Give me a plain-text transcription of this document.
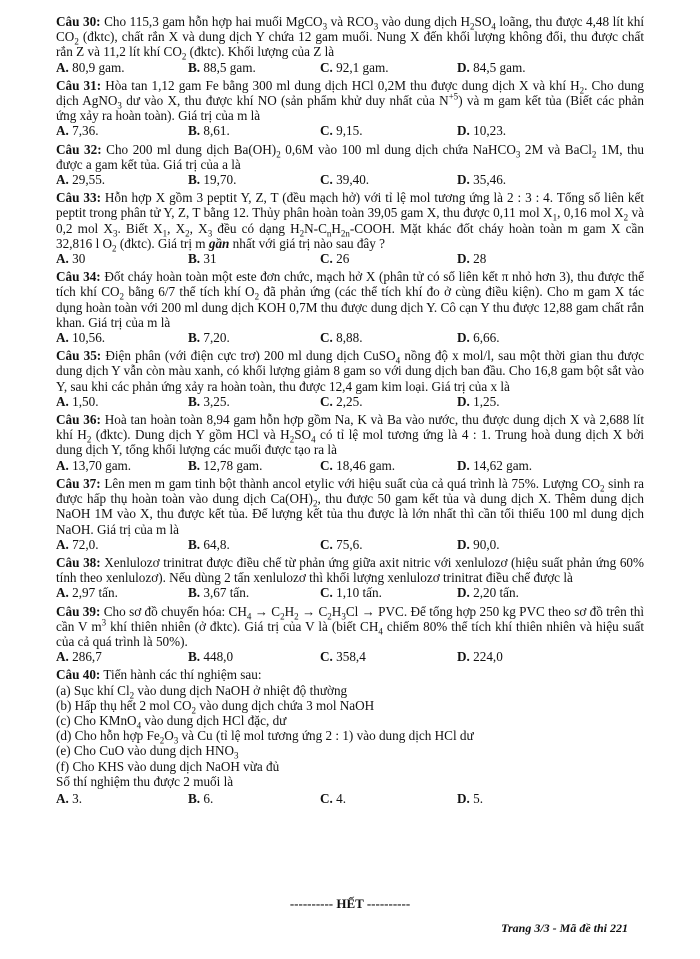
Câu 30: Cho 115,3 gam hỗn hợp hai muối MgCO$_3$ và $RCO_3$ vào dung dịch $H_2SO_4$ loãng, thu được 4,48 lít khí $CO_2$ (đktc), chất rắn X và dung dịch Y chứa 12 gam muối. Nung X đến khối lượng không đổi, thu được chất rắn Z và 11,2 lít khí $CO_2$ (đktc). Khối lượng của Z là
A. 80,9 gam.	B. 88,5 gam.	C. 92,1 gam.	D. 84,5 gam.
Câu 31: Hòa tan 1,12 gam Fe bằng 300 ml dung dịch HCl 0,2M thu được dung dịch X và khí $H_2$. Cho dung dịch AgNO$_3$ dư vào X, thu được khí NO (sản phẩm khử duy nhất của $N^{+5}$) và m gam kết tủa (Biết các phản ứng xảy ra hoàn toàn). Giá trị của m là
A. 7,36.	B. 8,61.	C. 9,15.	D. 10,23.
Câu 32: Cho 200 ml dung dịch $Ba(OH)_2$ 0,6M vào 100 ml dung dịch chứa NaHCO$_3$ 2M và BaCl$_2$ 1M, thu được a gam kết tủa. Giá trị của a là
A. 29,55.	B. 19,70.	C. 39,40.	D. 35,46.
Câu 33: Hỗn hợp X gồm 3 peptit Y, Z, T (đều mạch hở) với tỉ lệ mol tương ứng là 2 : 3 : 4. Tổng số liên kết peptit trong phân tử Y, Z, T bằng 12. Thủy phân hoàn toàn 39,05 gam X, thu được 0,11 mol $X_1$, 0,16 mol $X_2$ và 0,2 mol $X_3$. Biết $X_1$, $X_2$, $X_3$ đều có dạng $H_2N-C_nH_{2n}$-COOH. Mặt khác đốt cháy hoàn toàn m gam X cần 32,816 l $O_2$ (đktc). Giá trị m gần nhất với giá trị nào sau đây ?
A. 30	B. 31	C. 26	D. 28
Câu 34: Đốt cháy hoàn toàn một este đơn chức, mạch hở X (phân tử có số liên kết π nhỏ hơn 3), thu được thể tích khí $CO_2$ bằng 6/7 thể tích khí $O_2$ đã phản ứng (các thể tích khí đo ở cùng điều kiện). Cho m gam X tác dụng hoàn toàn với 200 ml dung dịch KOH 0,7M thu được dung dịch Y. Cô cạn Y thu được 12,88 gam chất rắn khan. Giá trị của m là
A. 10,56.	B. 7,20.	C. 8,88.	D. 6,66.
Câu 35: Điện phân (với điện cực trơ) 200 ml dung dịch CuSO$_4$ nồng độ x mol/l, sau một thời gian thu được dung dịch Y vẫn còn màu xanh, có khối lượng giảm 8 gam so với dung dịch ban đầu. Cho 16,8 gam bột sắt vào Y, sau khi các phản ứng xảy ra hoàn toàn, thu được 12,4 gam kim loại. Giá trị của x là
A. 1,50.	B. 3,25.	C. 2,25.	D. 1,25.
Câu 36: Hoà tan hoàn toàn 8,94 gam hỗn hợp gồm Na, K và Ba vào nước, thu được dung dịch X và 2,688 lít khí $H_2$ (đktc). Dung dịch Y gồm HCl và $H_2SO_4$ có tỉ lệ mol tương ứng là 4 : 1. Trung hoà dung dịch X bởi dung dịch Y, tổng khối lượng các muối được tạo ra là
A. 13,70 gam.	B. 12,78 gam.	C. 18,46 gam.	D. 14,62 gam.
Câu 37: Lên men m gam tinh bột thành ancol etylic với hiệu suất của cả quá trình là 75%. Lượng $CO_2$ sinh ra được hấp thụ hoàn toàn vào dung dịch $Ca(OH)_2$, thu được 50 gam kết tủa và dung dịch X. Thêm dung dịch NaOH 1M vào X, thu được kết tủa. Để lượng kết tủa thu được là lớn nhất thì cần tối thiểu 100 ml dung dịch NaOH. Giá trị của m là
A. 72,0.	B. 64,8.	C. 75,6.	D. 90,0.
Câu 38: Xenlulozơ trinitrat được điều chế từ phản ứng giữa axit nitric với xenlulozơ (hiệu suất phản ứng 60% tính theo xenlulozơ). Nếu dùng 2 tấn xenlulozơ thì khối lượng xenlulozơ trinitrat điều chế được là
A. 2,97 tấn.	B. 3,67 tấn.	C. 1,10 tấn.	D. 2,20 tấn.
Câu 39: Cho sơ đồ chuyển hóa: $CH_4 \to C_2H_2 \to C_2H_3Cl$ → PVC. Để tổng hợp 250 kg PVC theo sơ đồ trên thì cần V $m^3$ khí thiên nhiên (ở đktc). Giá trị của V là (biết $CH_4$ chiếm 80% thể tích khí thiên nhiên và hiệu suất của cả quá trình là 50%).
A. 286,7	B. 448,0	C. 358,4	D. 224,0
Câu 40: Tiến hành các thí nghiệm sau:
(a) Sục khí $Cl_2$ vào dung dịch NaOH ở nhiệt độ thường
(b) Hấp thụ hết 2 mol $CO_2$ vào dung dịch chứa 3 mol NaOH
(c) Cho KMnO$_4$ vào dung dịch HCl đặc, dư
(d) Cho hỗn hợp $Fe_2O_3$ và Cu (tỉ lệ mol tương ứng 2 : 1) vào dung dịch HCl dư
(e) Cho CuO vào dung dịch $HNO_3$
(f) Cho KHS vào dung dịch NaOH vừa đủ
Số thí nghiệm thu được 2 muối là
A. 3.	B. 6.	C. 4.	D. 5.
---------- HẾT ----------
Trang 3/3 - Mã đề thi 221
